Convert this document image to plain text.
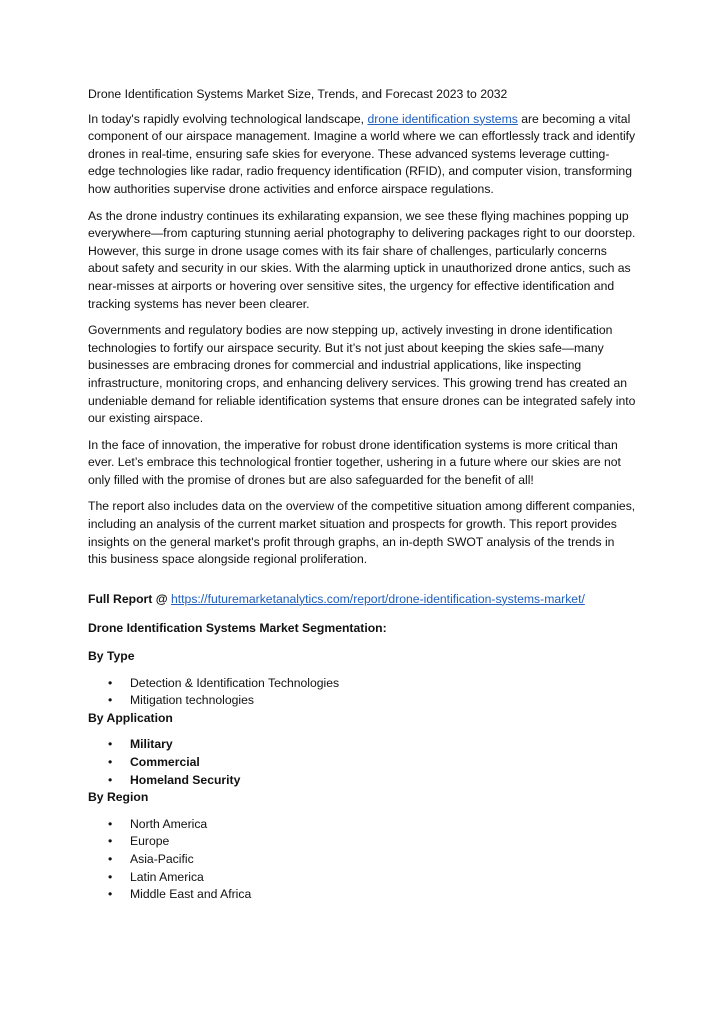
Drone Identification Systems Market Size, Trends, and Forecast 2023 to 2032

In today's rapidly evolving technological landscape, drone identification systems are becoming a vital component of our airspace management. Imagine a world where we can effortlessly track and identify drones in real-time, ensuring safe skies for everyone. These advanced systems leverage cutting-edge technologies like radar, radio frequency identification (RFID), and computer vision, transforming how authorities supervise drone activities and enforce airspace regulations.

As the drone industry continues its exhilarating expansion, we see these flying machines popping up everywhere—from capturing stunning aerial photography to delivering packages right to our doorstep. However, this surge in drone usage comes with its fair share of challenges, particularly concerns about safety and security in our skies. With the alarming uptick in unauthorized drone antics, such as near-misses at airports or hovering over sensitive sites, the urgency for effective identification and tracking systems has never been clearer.

Governments and regulatory bodies are now stepping up, actively investing in drone identification technologies to fortify our airspace security. But it’s not just about keeping the skies safe—many businesses are embracing drones for commercial and industrial applications, like inspecting infrastructure, monitoring crops, and enhancing delivery services. This growing trend has created an undeniable demand for reliable identification systems that ensure drones can be integrated safely into our existing airspace.

In the face of innovation, the imperative for robust drone identification systems is more critical than ever. Let’s embrace this technological frontier together, ushering in a future where our skies are not only filled with the promise of drones but are also safeguarded for the benefit of all!

The report also includes data on the overview of the competitive situation among different companies, including an analysis of the current market situation and prospects for growth. This report provides insights on the general market's profit through graphs, an in-depth SWOT analysis of the trends in this business space alongside regional proliferation.

Full Report @ https://futuremarketanalytics.com/report/drone-identification-systems-market/

Drone Identification Systems Market Segmentation:

By Type

• Detection & Identification Technologies
• Mitigation technologies

By Application

• Military
• Commercial
• Homeland Security

By Region

• North America
• Europe
• Asia-Pacific
• Latin America
• Middle East and Africa
